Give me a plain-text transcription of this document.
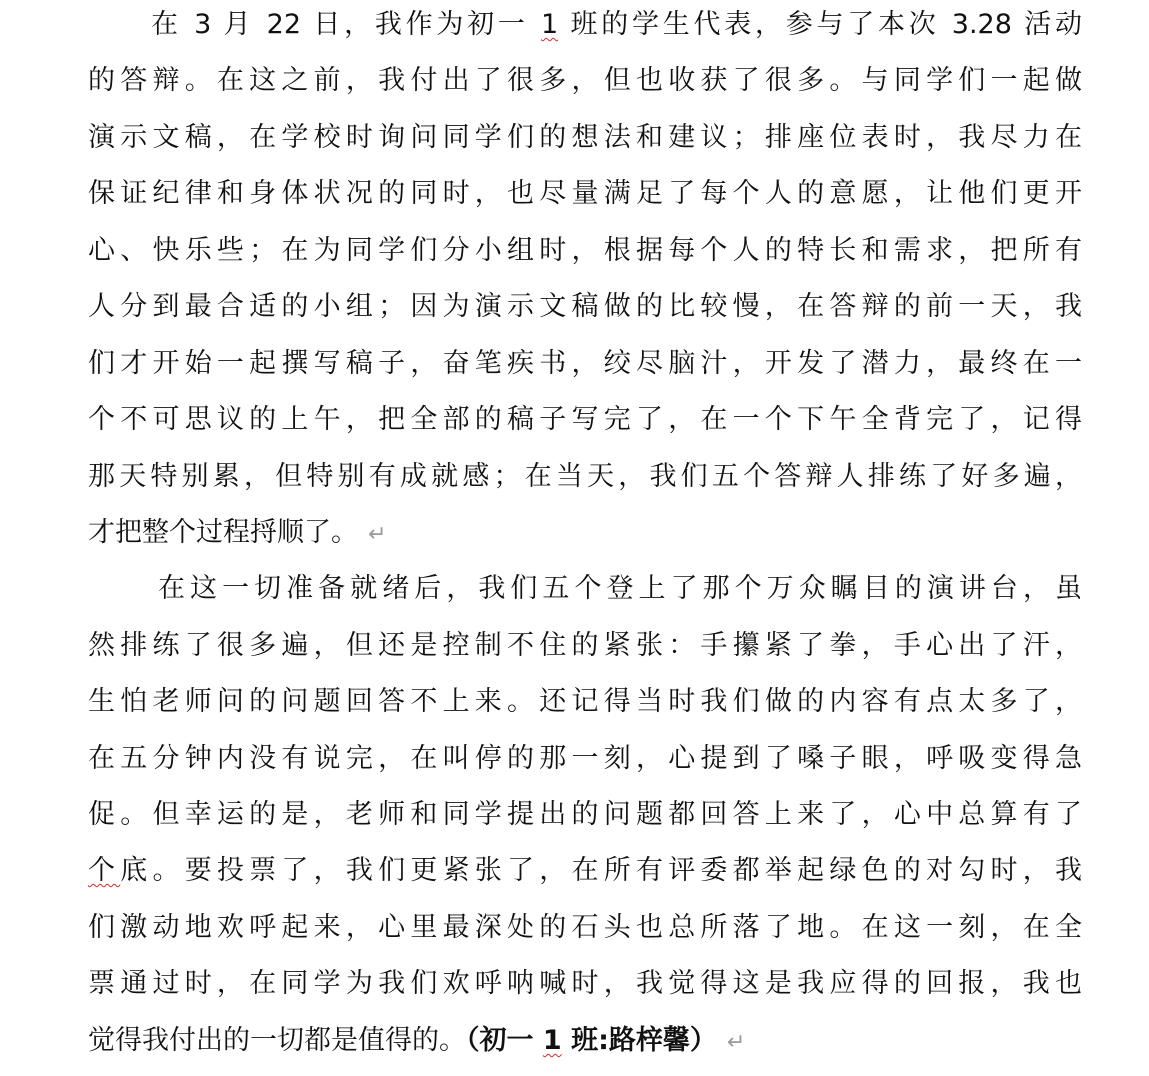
在 3 月 22 日，我作为初一 1 班的学生代表，参与了本次 3.28 活动
的答辩。在这之前，我付出了很多，但也收获了很多。与同学们一起做
演示文稿，在学校时询问同学们的想法和建议；排座位表时，我尽力在
保证纪律和身体状况的同时，也尽量满足了每个人的意愿，让他们更开
心、快乐些；在为同学们分小组时，根据每个人的特长和需求，把所有
人分到最合适的小组；因为演示文稿做的比较慢，在答辩的前一天，我
们才开始一起撰写稿子，奋笔疾书，绞尽脑汁，开发了潜力，最终在一
个不可思议的上午，把全部的稿子写完了，在一个下午全背完了，记得
那天特别累，但特别有成就感；在当天，我们五个答辩人排练了好多遍，
才把整个过程捋顺了。 ↵
在这一切准备就绪后，我们五个登上了那个万众瞩目的演讲台，虽
然排练了很多遍，但还是控制不住的紧张：手攥紧了拳，手心出了汗，
生怕老师问的问题回答不上来。还记得当时我们做的内容有点太多了，
在五分钟内没有说完，在叫停的那一刻，心提到了嗓子眼，呼吸变得急
促。但幸运的是，老师和同学提出的问题都回答上来了，心中总算有了
个底。要投票了，我们更紧张了，在所有评委都举起绿色的对勾时，我
们激动地欢呼起来，心里最深处的石头也总所落了地。在这一刻，在全
票通过时，在同学为我们欢呼呐喊时，我觉得这是我应得的回报，我也
觉得我付出的一切都是值得的。（初一 1 班:路梓馨） ↵
